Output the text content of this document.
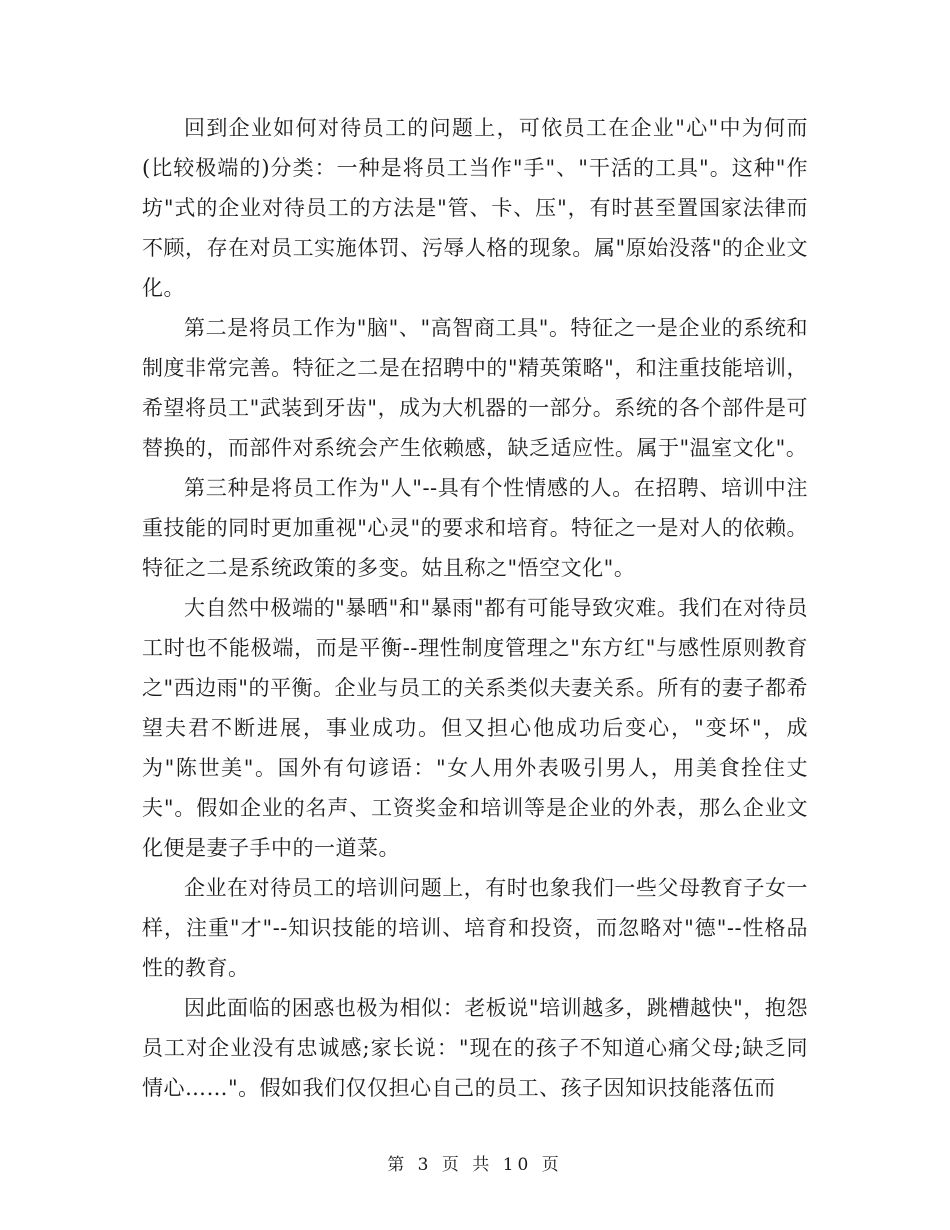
回到企业如何对待员工的问题上，可依员工在企业"心"中为何而(比较极端的)分类：一种是将员工当作"手"、"干活的工具"。这种"作坊"式的企业对待员工的方法是"管、卡、压"，有时甚至置国家法律而不顾，存在对员工实施体罚、污辱人格的现象。属"原始没落"的企业文化。

第二是将员工作为"脑"、"高智商工具"。特征之一是企业的系统和制度非常完善。特征之二是在招聘中的"精英策略"，和注重技能培训，希望将员工"武装到牙齿"，成为大机器的一部分。系统的各个部件是可替换的，而部件对系统会产生依赖感，缺乏适应性。属于"温室文化"。

第三种是将员工作为"人"--具有个性情感的人。在招聘、培训中注重技能的同时更加重视"心灵"的要求和培育。特征之一是对人的依赖。特征之二是系统政策的多变。姑且称之"悟空文化"。

大自然中极端的"暴晒"和"暴雨"都有可能导致灾难。我们在对待员工时也不能极端，而是平衡--理性制度管理之"东方红"与感性原则教育之"西边雨"的平衡。企业与员工的关系类似夫妻关系。所有的妻子都希望夫君不断进展，事业成功。但又担心他成功后变心，"变坏"，成为"陈世美"。国外有句谚语："女人用外表吸引男人，用美食拴住丈夫"。假如企业的名声、工资奖金和培训等是企业的外表，那么企业文化便是妻子手中的一道菜。

企业在对待员工的培训问题上，有时也象我们一些父母教育子女一样，注重"才"--知识技能的培训、培育和投资，而忽略对"德"--性格品性的教育。

因此面临的困惑也极为相似：老板说"培训越多，跳槽越快"，抱怨员工对企业没有忠诚感;家长说："现在的孩子不知道心痛父母;缺乏同情心……"。假如我们仅仅担心自己的员工、孩子因知识技能落伍而

第 3 页 共 10 页
